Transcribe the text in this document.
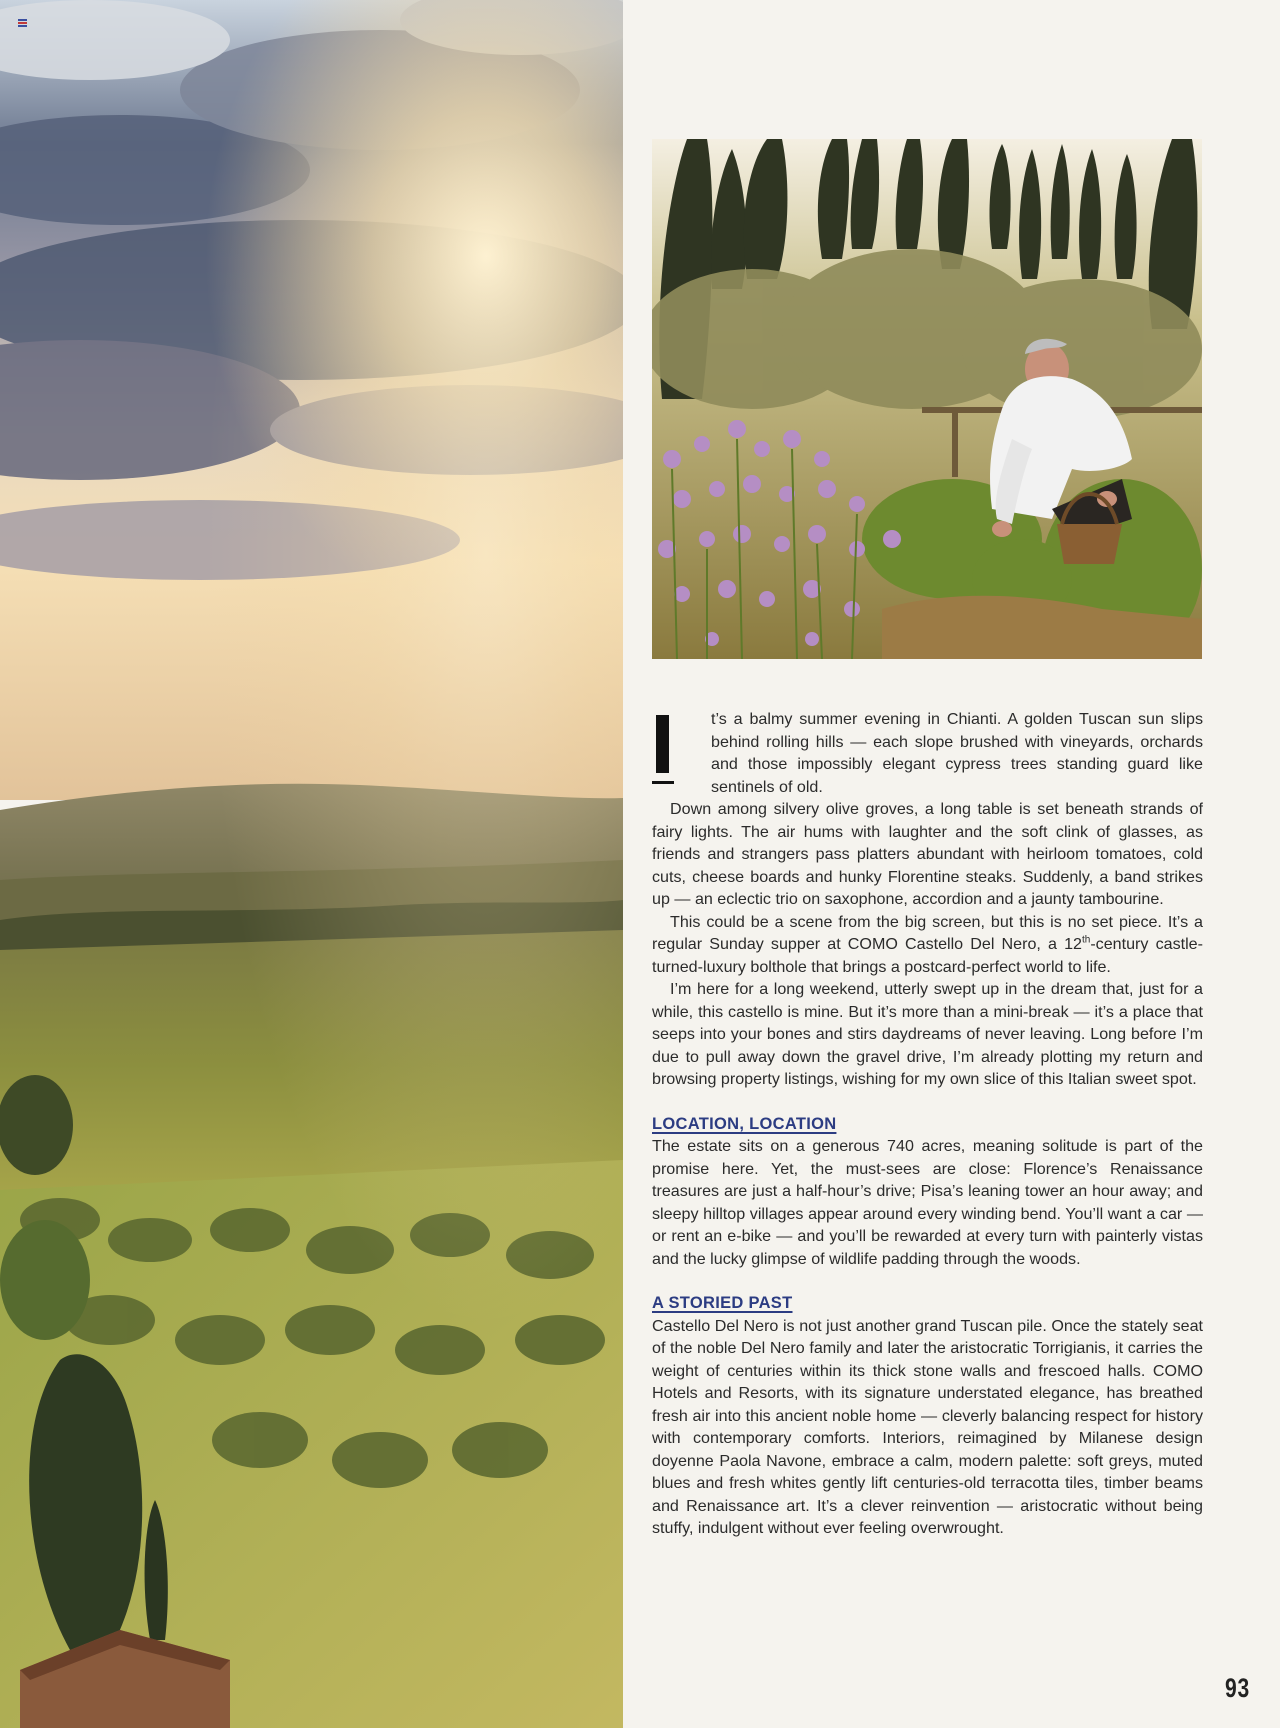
t’s a balmy summer evening in Chianti. A golden Tuscan sun slips behind rolling hills — each slope brushed with vineyards, orchards and those impossibly elegant cypress trees standing guard like sentinels of old.

Down among silvery olive groves, a long table is set beneath strands of fairy lights. The air hums with laughter and the soft clink of glasses, as friends and strangers pass platters abundant with heirloom tomatoes, cold cuts, cheese boards and hunky Florentine steaks. Suddenly, a band strikes up — an eclectic trio on saxophone, accordion and a jaunty tambourine.

This could be a scene from the big screen, but this is no set piece. It’s a regular Sunday supper at COMO Castello Del Nero, a 12th-century castle-turned-luxury bolthole that brings a postcard-perfect world to life.

I’m here for a long weekend, utterly swept up in the dream that, just for a while, this castello is mine. But it’s more than a mini-break — it’s a place that seeps into your bones and stirs daydreams of never leaving. Long before I’m due to pull away down the gravel drive, I’m already plotting my return and browsing property listings, wishing for my own slice of this Italian sweet spot.

LOCATION, LOCATION

The estate sits on a generous 740 acres, meaning solitude is part of the promise here. Yet, the must-sees are close: Florence’s Renaissance treasures are just a half-hour’s drive; Pisa’s leaning tower an hour away; and sleepy hilltop villages appear around every winding bend. You’ll want a car — or rent an e-bike — and you’ll be rewarded at every turn with painterly vistas and the lucky glimpse of wildlife padding through the woods.

A STORIED PAST

Castello Del Nero is not just another grand Tuscan pile. Once the stately seat of the noble Del Nero family and later the aristocratic Torrigianis, it carries the weight of centuries within its thick stone walls and frescoed halls. COMO Hotels and Resorts, with its signature understated elegance, has breathed fresh air into this ancient noble home — cleverly balancing respect for history with contemporary comforts. Interiors, reimagined by Milanese design doyenne Paola Navone, embrace a calm, modern palette: soft greys, muted blues and fresh whites gently lift centuries-old terracotta tiles, timber beams and Renaissance art. It’s a clever reinvention — aristocratic without being stuffy, indulgent without ever feeling overwrought.

93
